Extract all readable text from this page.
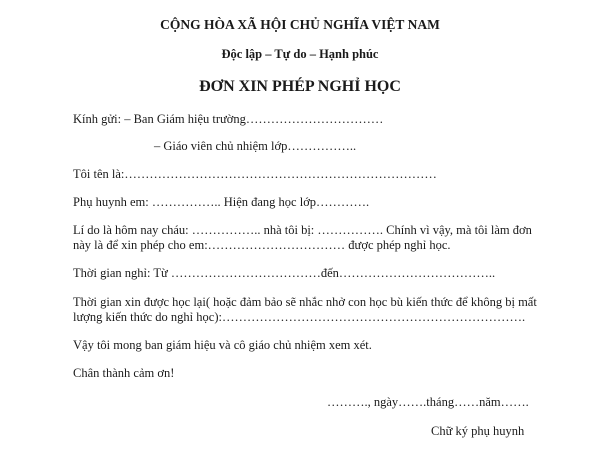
CỘNG HÒA XÃ HỘI CHỦ NGHĨA VIỆT NAM
Độc lập – Tự do – Hạnh phúc
ĐƠN XIN PHÉP NGHỈ HỌC
Kính gửi: – Ban Giám hiệu trường……………………………
– Giáo viên chủ nhiệm lớp……………..
Tôi tên là:…………………………………………………………………
Phụ huynh em: …………….. Hiện đang học lớp………….
Lí do là hôm nay cháu: …………….. nhà tôi bị: ……………. Chính vì vậy, mà tôi làm đơn
này là để xin phép cho em:…………………………… được phép nghỉ học.
Thời gian nghỉ: Từ ………………………………đến………………………………..
Thời gian xin được học lại( hoặc đảm bảo sẽ nhắc nhở con học bù kiến thức để không bị mất
lượng kiến thức do nghỉ học):……………………………………………………………….
Vậy tôi mong ban giám hiệu và cô giáo chủ nhiệm xem xét.
Chân thành cảm ơn!
………., ngày…….tháng……năm…….
Chữ ký phụ huynh
